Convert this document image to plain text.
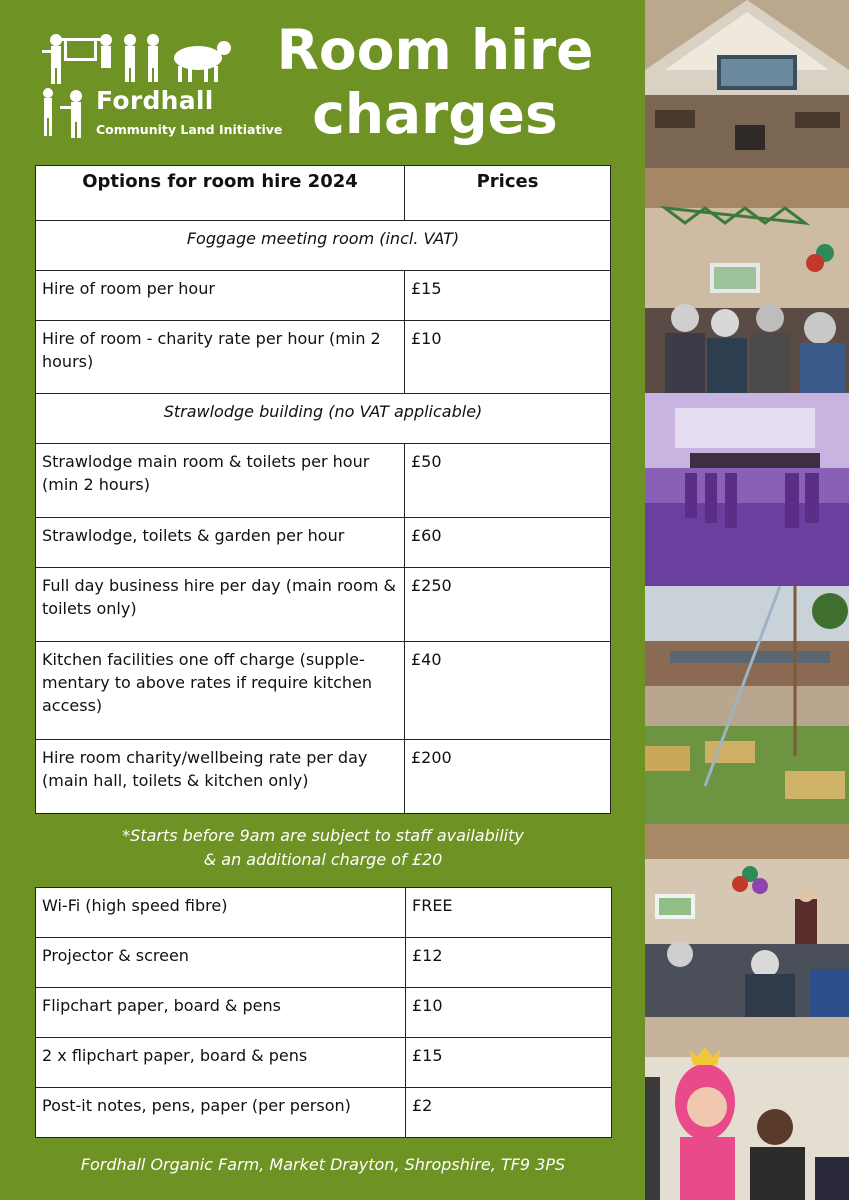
Fordhall
Community Land Initiative
Room hire
charges
Options for room hire 2024	Prices
Foggage meeting room (incl. VAT)	
Hire of room per hour	£15
Hire of room - charity rate per hour (min 2 hours)	£10
Strawlodge building (no VAT applicable)	
Strawlodge main room & toilets per hour (min 2 hours)	£50
Strawlodge, toilets & garden per hour	£60
Full day business hire per day (main room & toilets only)	£250
Kitchen facilities one off charge (supple-mentary to above rates if require kitchen access)	£40
Hire room charity/wellbeing rate per day (main hall, toilets & kitchen only)	£200
*Starts before 9am are subject to staff availability
& an additional charge of £20
Wi-Fi (high speed fibre)	FREE
Projector & screen	£12
Flipchart paper, board & pens	£10
2 x flipchart paper, board & pens	£15
Post-it notes, pens, paper (per person)	£2
Fordhall Organic Farm, Market Drayton, Shropshire, TF9 3PS
